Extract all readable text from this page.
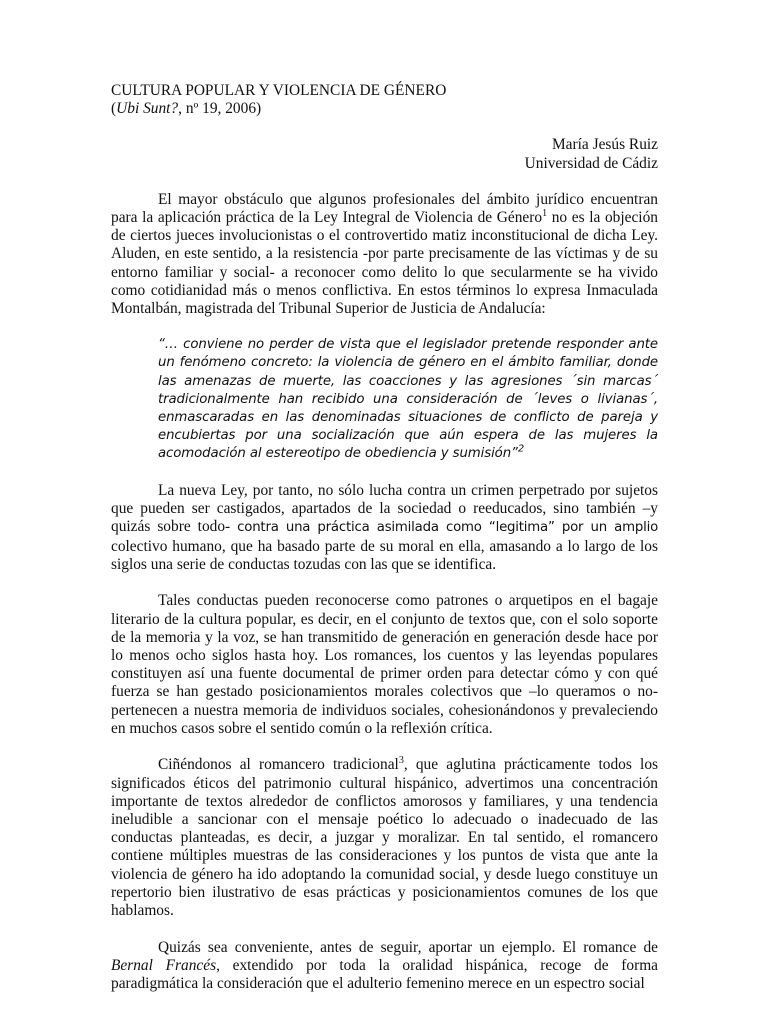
CULTURA POPULAR Y VIOLENCIA DE GÉNERO
(Ubi Sunt?, nº 19, 2006)
María Jesús Ruiz
Universidad de Cádiz

El mayor obstáculo que algunos profesionales del ámbito jurídico encuentran para la aplicación práctica de la Ley Integral de Violencia de Género$^1$ no es la objeción de ciertos jueces involucionistas o el controvertido matiz inconstitucional de dicha Ley. Aluden, en este sentido, a la resistencia -por parte precisamente de las víctimas y de su entorno familiar y social- a reconocer como delito lo que secularmente se ha vivido como cotidianidad más o menos conflictiva. En estos términos lo expresa Inmaculada Montalbán, magistrada del Tribunal Superior de Justicia de Andalucía:

“… conviene no perder de vista que el legislador pretende responder ante un fenómeno concreto: la violencia de género en el ámbito familiar, donde las amenazas de muerte, las coacciones y las agresiones ´sin marcas´ tradicionalmente han recibido una consideración de ´leves o livianas´, enmascaradas en las denominadas situaciones de conflicto de pareja y encubiertas por una socialización que aún espera de las mujeres la acomodación al estereotipo de obediencia y sumisión”$^2$

La nueva Ley, por tanto, no sólo lucha contra un crimen perpetrado por sujetos que pueden ser castigados, apartados de la sociedad o reeducados, sino también –y quizás sobre todo- contra una práctica asimilada como “legitima” por un amplio colectivo humano, que ha basado parte de su moral en ella, amasando a lo largo de los siglos una serie de conductas tozudas con las que se identifica.

Tales conductas pueden reconocerse como patrones o arquetipos en el bagaje literario de la cultura popular, es decir, en el conjunto de textos que, con el solo soporte de la memoria y la voz, se han transmitido de generación en generación desde hace por lo menos ocho siglos hasta hoy. Los romances, los cuentos y las leyendas populares constituyen así una fuente documental de primer orden para detectar cómo y con qué fuerza se han gestado posicionamientos morales colectivos que –lo queramos o no-pertenecen a nuestra memoria de individuos sociales, cohesionándonos y prevaleciendo en muchos casos sobre el sentido común o la reflexión crítica.

Ciñéndonos al romancero tradicional$^3$, que aglutina prácticamente todos los significados éticos del patrimonio cultural hispánico, advertimos una concentración importante de textos alrededor de conflictos amorosos y familiares, y una tendencia ineludible a sancionar con el mensaje poético lo adecuado o inadecuado de las conductas planteadas, es decir, a juzgar y moralizar. En tal sentido, el romancero contiene múltiples muestras de las consideraciones y los puntos de vista que ante la violencia de género ha ido adoptando la comunidad social, y desde luego constituye un repertorio bien ilustrativo de esas prácticas y posicionamientos comunes de los que hablamos.

Quizás sea conveniente, antes de seguir, aportar un ejemplo. El romance de Bernal Francés, extendido por toda la oralidad hispánica, recoge de forma paradigmática la consideración que el adulterio femenino merece en un espectro social
